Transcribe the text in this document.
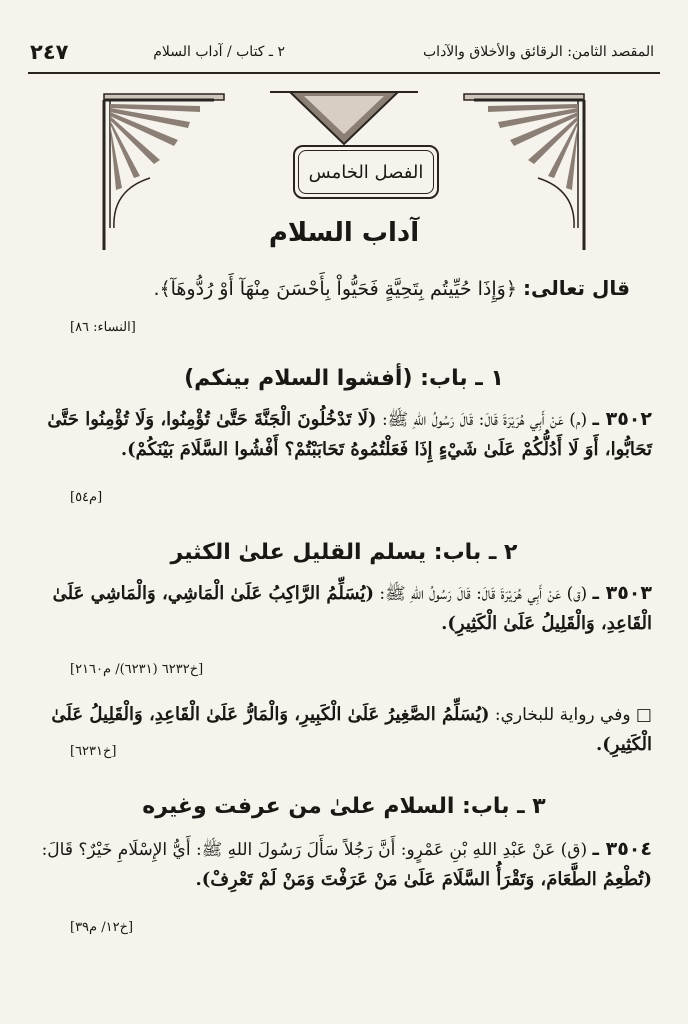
٢٤٧	٢ ـ كتاب / آداب السلام	المقصد الثامن: الرقائق والأخلاق والآداب
الفصل الخامس
آداب السلام
قال تعالى: ﴿وَإِذَا حُيِّيتُم بِتَحِيَّةٍ فَحَيُّواْ بِأَحْسَنَ مِنْهَآ أَوْ رُدُّوهَآ﴾.
[النساء: ٨٦]
١ ـ باب: (أفشوا السلام بينكم)
٣٥٠٢ ـ (م) عَنْ أَبِي هُرَيْرَةَ قَالَ: قَالَ رَسُولُ اللهِ ﷺ: (لَا تَدْخُلُونَ الْجَنَّةَ حَتَّىٰ تُؤْمِنُوا، وَلَا تُؤْمِنُوا حَتَّىٰ تَحَابُّوا، أَوَ لَا أَدُلُّكُمْ عَلَىٰ شَيْءٍ إِذَا فَعَلْتُمُوهُ تَحَابَبْتُمْ؟ أَفْشُوا السَّلَامَ بَيْنَكُمْ).
[م٥٤]
٢ ـ باب: يسلم القليل علىٰ الكثير
٣٥٠٣ ـ (ق) عَنْ أَبِي هُرَيْرَةَ قَالَ: قَالَ رَسُولُ اللهِ ﷺ: (يُسَلِّمُ الرَّاكِبُ عَلَىٰ الْمَاشِي، وَالْمَاشِي عَلَىٰ الْقَاعِدِ، وَالْقَلِيلُ عَلَىٰ الْكَثِيرِ).
[خ٦٢٣٢ (٦٢٣١)/ م٢١٦٠]
□ وفي رواية للبخاري: (يُسَلِّمُ الصَّغِيرُ عَلَىٰ الْكَبِيرِ، وَالْمَارُّ عَلَىٰ الْقَاعِدِ، وَالْقَلِيلُ عَلَىٰ الْكَثِيرِ).
[خ٦٢٣١]
٣ ـ باب: السلام علىٰ من عرفت وغيره
٣٥٠٤ ـ (ق) عَنْ عَبْدِ اللهِ بْنِ عَمْرٍو: أَنَّ رَجُلاً سَأَلَ رَسُولَ اللهِ ﷺ: أَيُّ الإِسْلَامِ خَيْرٌ؟ قَالَ: (تُطْعِمُ الطَّعَامَ، وَتَقْرَأُ السَّلَامَ عَلَىٰ مَنْ عَرَفْتَ وَمَنْ لَمْ تَعْرِفْ).
[خ١٢/ م٣٩]
